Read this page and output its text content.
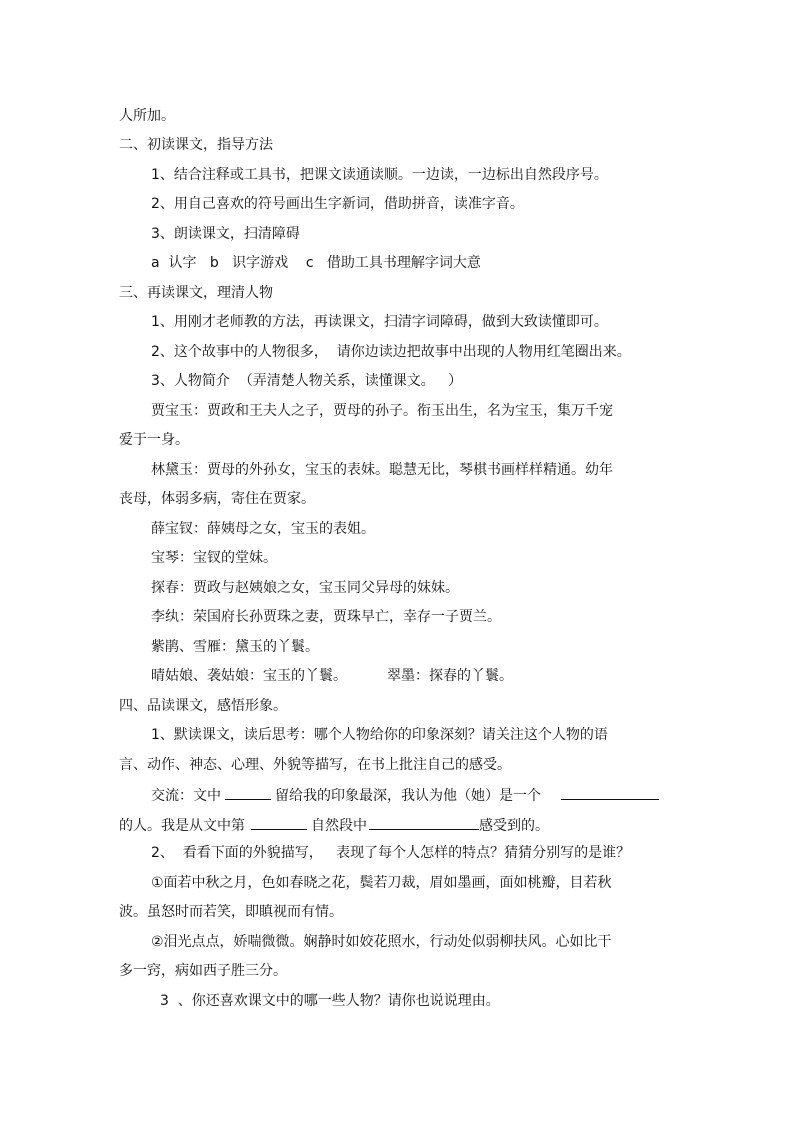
人所加。
二、初读课文，指导方法
1、结合注释或工具书，把课文读通读顺。一边读，一边标出自然段序号。
2、用自己喜欢的符号画出生字新词，借助拼音，读准字音。
3、朗读课文，扫清障碍
a  认字   b   识字游戏    c   借助工具书理解字词大意
三、再读课文，理清人物
1、用刚才老师教的方法，再读课文，扫清字词障碍，做到大致读懂即可。
2、这个故事中的人物很多，  请你边读边把故事中出现的人物用红笔圈出来。
3、人物简介  （弄清楚人物关系，读懂课文。   ）
贾宝玉：贾政和王夫人之子，贾母的孙子。衔玉出生，名为宝玉，集万千宠
爱于一身。
林黛玉：贾母的外孙女，宝玉的表妹。聪慧无比，琴棋书画样样精通。幼年
丧母，体弱多病，寄住在贾家。
薛宝钗：薛姨母之女，宝玉的表姐。
宝琴：宝钗的堂妹。
探春：贾政与赵姨娘之女，宝玉同父异母的妹妹。
李纨：荣国府长孙贾珠之妻，贾珠早亡，幸存一子贾兰。
紫鹃、雪雁：黛玉的丫鬟。
晴姑娘、袭姑娘：宝玉的丫鬟。	翠墨：探春的丫鬟。
四、品读课文，感悟形象。
1、默读课文，读后思考：哪个人物给你的印象深刻？请关注这个人物的语
言、动作、神态、心理、外貌等描写，在书上批注自己的感受。
交流：文中	留给我的印象最深，我认为他（她）是一个
的人。我是从文中第	自然段中	感受到的。
2、  看看下面的外貌描写，   表现了每个人怎样的特点？猜猜分别写的是谁？
①面若中秋之月，色如春晓之花，鬓若刀裁，眉如墨画，面如桃瓣，目若秋
波。虽怒时而若笑，即瞋视而有情。
②泪光点点，娇喘微微。娴静时如姣花照水，行动处似弱柳扶风。心如比干
多一窍，病如西子胜三分。
3  、你还喜欢课文中的哪一些人物？请你也说说理由。
